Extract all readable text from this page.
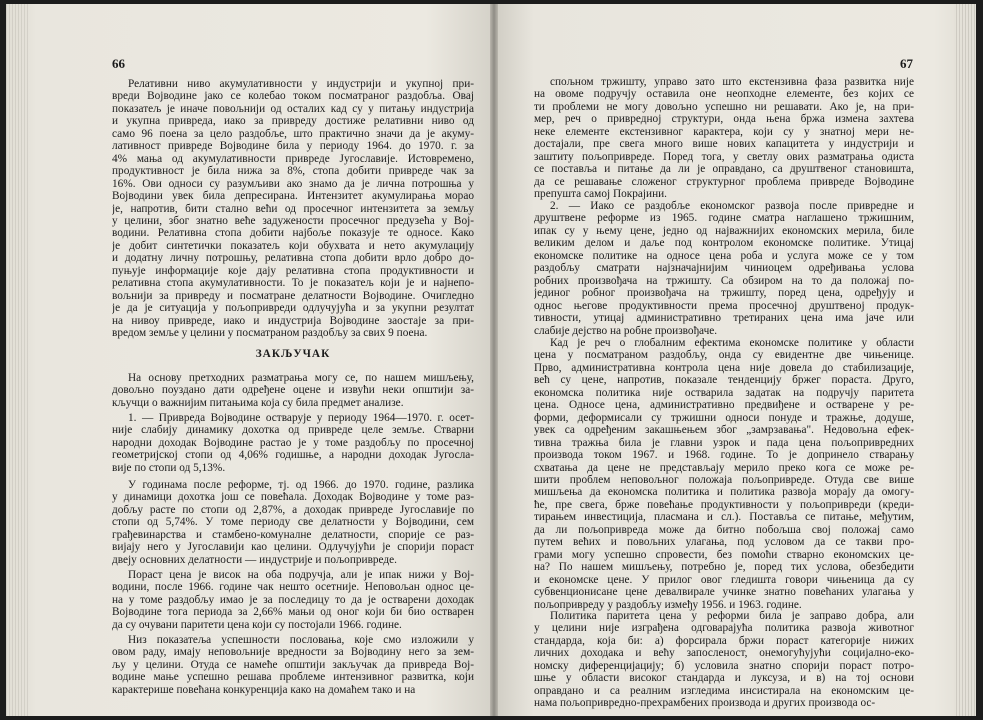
66
Релативни ниво акумулативности у индустрији и укупној при-
вреди Војводине јако се колебао током посматраног раздобља. Овај
показатељ је иначе повољнији од осталих кад су у питању индустрија
и укупна привреда, иако за привреду достиже релативни ниво од
само 96 поена за цело раздобље, што практично значи да је акуму-
лативност привреде Војводине била у периоду 1964. до 1970. г. за
4% мања од акумулативности привреде Југославије. Истовремено,
продуктивност је била нижа за 8%, стопа добити привреде чак за
16%. Ови односи су разумљиви ако знамо да је лична потрошња у
Војводини увек била депресирана. Интензитет акумулирања морао
је, напротив, бити стално већи од просечног интензитета за земљу
у целини, због знатно веће задужености просечног предузећа у Вој-
водини. Релативна стопа добити најбоље показује те односе. Како
је добит синтетички показатељ који обухвата и нето акумулацију
и додатну личну потрошњу, релативна стопа добити врло добро до-
пуњује информације које дају релативна стопа продуктивности и
релативна стопа акумулативности. То је показатељ који је и најнепо-
вољнији за привреду и посматране делатности Војводине. Очигледно
је да је ситуација у пољопривреди одлучујућа и за укупни резултат
на нивоу привреде, иако и индустрија Војводине заостаје за при-
вредом земље у целини у посматраном раздобљу за свих 9 поена.
ЗАКЉУЧАК
На основу претходних разматрања могу се, по нашем мишљењу,
довољно поуздано дати одређене оцене и извући неки општији за-
кључци о важнијим питањима која су била предмет анализе.
1. — Привреда Војводине остварује у периоду 1964—1970. г. осет-
није слабију динамику дохотка од привреде целе земље. Стварни
народни доходак Војводине растао је у томе раздобљу по просечној
геометријској стопи од 4,06% годишње, а народни доходак Југосла-
вије по стопи од 5,13%.
У годинама после реформе, тј. од 1966. до 1970. године, разлика
у динамици дохотка још се повећала. Доходак Војводине у томе раз-
добљу расте по стопи од 2,87%, а доходак привреде Југославије по
стопи од 5,74%. У томе периоду све делатности у Војводини, сем
грађевинарства и стамбено-комуналне делатности, спорије се раз-
вијају него у Југославији као целини. Одлучујући је спорији пораст
двеју основних делатности — индустрије и пољопривреде.
Пораст цена је висок на оба подручја, али је ипак нижи у Вој-
водини, после 1966. године чак нешто осетније. Неповољан однос це-
на у томе раздобљу имао је за последицу то да је остварени доходак
Војводине тога периода за 2,66% мањи од оног који би био остварен
да су очувани паритети цена који су постојали 1966. године.
Низ показатеља успешности пословања, које смо изложили у
овом раду, имају неповољније вредности за Војводину него за зем-
љу у целини. Отуда се намеће општији закључак да привреда Вој-
водине мање успешно решава проблеме интензивног развитка, који
карактерише повећана конкуренција како на домаћем тако и на
67
спољном тржишту, управо зато што екстензивна фаза развитка није
на овоме подручју оставила оне неопходне елементе, без којих се
ти проблеми не могу довољно успешно ни решавати. Ако је, на при-
мер, реч о привредној структури, онда њена бржа измена захтева
неке елементе екстензивног карактера, који су у знатној мери не-
достајали, пре свега много више нових капацитета у индустрији и
заштиту пољопривреде. Поред тога, у светлу ових разматрања одиста
се поставља и питање да ли је оправдано, са друштвеног становишта,
да се решавање сложеног структурног проблема привреде Војводине
препушта самој Покрајини.
2. — Иако се раздобље економског развоја после привредне и
друштвене реформе из 1965. године сматра наглашено тржишним,
ипак су у њему цене, једно од најважнијих економских мерила, биле
великим делом и даље под контролом економске политике. Утицај
економске политике на односе цена роба и услуга може се у том
раздобљу сматрати најзначајнијим чиниоцем одређивања услова
робних произвођача на тржишту. Са обзиром на то да положај по-
јединог робног произвођача на тржишту, поред цена, одређују и
однос његове продуктивности према просечној друштвеној продук-
тивности, утицај административно третираних цена има јаче или
слабије дејство на робне произвођаче.
Кад је реч о глобалним ефектима економске политике у области
цена у посматраном раздобљу, онда су евидентне две чињенице.
Прво, административна контрола цена није довела до стабилизације,
већ су цене, напротив, показале тенденцију бржег пораста. Друго,
економска политика није остварила задатак на подручју паритета
цена. Односе цена, административно предвиђене и остварене у ре-
форми, деформисали су тржишни односи понуде и тражње, додуше,
увек са одређеним закашњењем због „замрзавања". Недовољна ефек-
тивна тражња била је главни узрок и пада цена пољопривредних
производа током 1967. и 1968. године. То је допринело стварању
схватања да цене не представљају мерило преко кога се може ре-
шити проблем неповољног положаја пољопривреде. Отуда све више
мишљења да економска политика и политика развоја морају да омогу-
ће, пре свега, брже повећање продуктивности у пољопривреди (креди-
тирањем инвестиција, пласмана и сл.). Поставља се питање, међутим,
да ли пољопривреда може да битно побољша свој положај само
путем већих и повољних улагања, под условом да се такви про-
грами могу успешно спровести, без помоћи стварно економских це-
на? По нашем мишљењу, потребно је, поред тих услова, обезбедити
и економске цене. У прилог овог гледишта говори чињеница да су
субвенционисане цене девалвирале учинке знатно повећаних улагања у
пољопривреду у раздобљу између 1956. и 1963. године.
Политика паритета цена у реформи била је заправо добра, али
у целини није изграђена одговарајућа политика развоја животног
стандарда, која би: а) форсирала бржи пораст категорије нижих
личних доходака и већу запосленост, онемогућујући социјално-еко-
номску диференцијацију; б) условила знатно спорији пораст потро-
шње у области високог стандарда и луксуза, и в) на тој основи
оправдано и са реалним изгледима инсистирала на економским це-
нама пољопривредно-прехрамбених производа и других производа ос-
